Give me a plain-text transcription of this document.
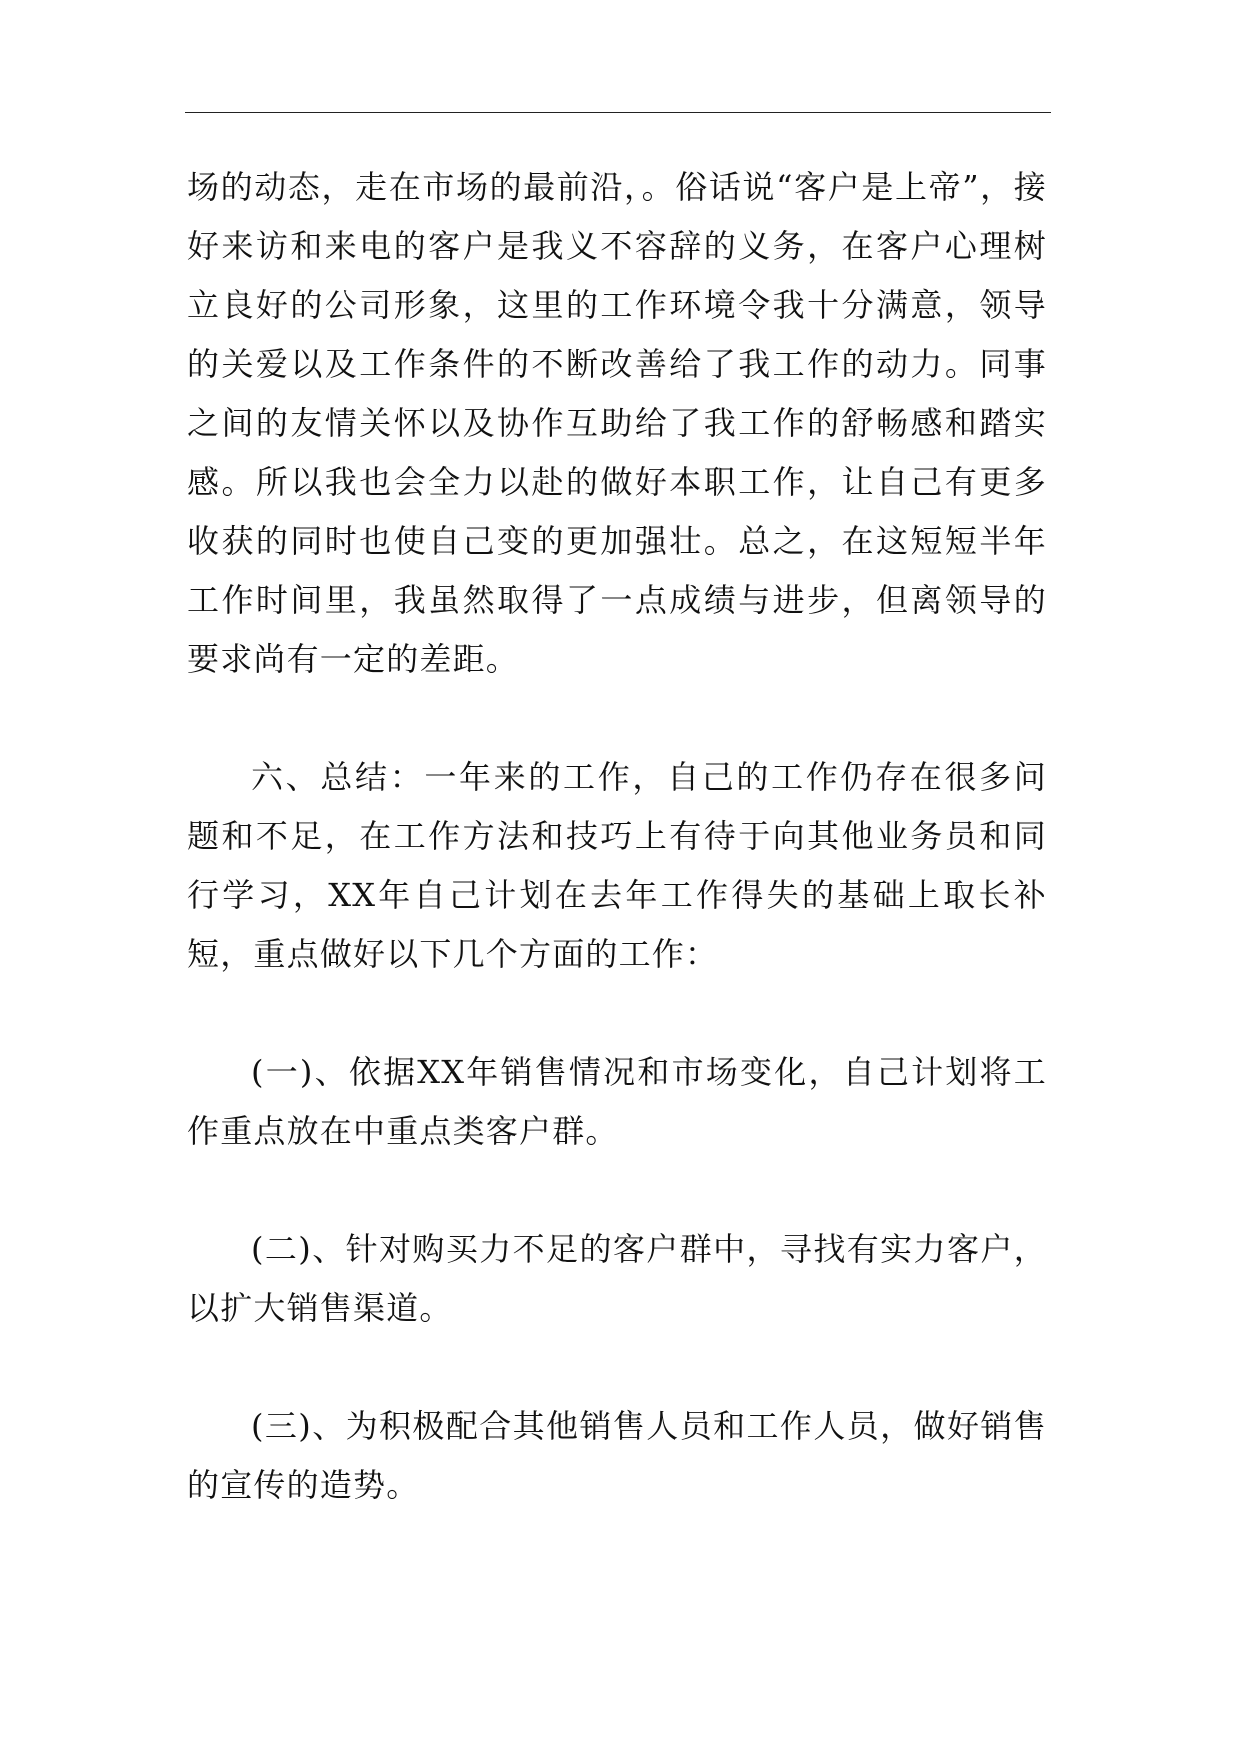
场的动态，走在市场的最前沿，。俗话说“客户是上帝”，接好来访和来电的客户是我义不容辞的义务，在客户心理树立良好的公司形象，这里的工作环境令我十分满意，领导的关爱以及工作条件的不断改善给了我工作的动力。同事之间的友情关怀以及协作互助给了我工作的舒畅感和踏实感。所以我也会全力以赴的做好本职工作，让自己有更多收获的同时也使自己变的更加强壮。总之，在这短短半年工作时间里，我虽然取得了一点成绩与进步，但离领导的要求尚有一定的差距。

六、总结：一年来的工作，自己的工作仍存在很多问题和不足，在工作方法和技巧上有待于向其他业务员和同行学习，XX年自己计划在去年工作得失的基础上取长补短，重点做好以下几个方面的工作：

(一)、依据XX年销售情况和市场变化，自己计划将工作重点放在中重点类客户群。

(二)、针对购买力不足的客户群中，寻找有实力客户，以扩大销售渠道。

(三)、为积极配合其他销售人员和工作人员，做好销售的宣传的造势。
